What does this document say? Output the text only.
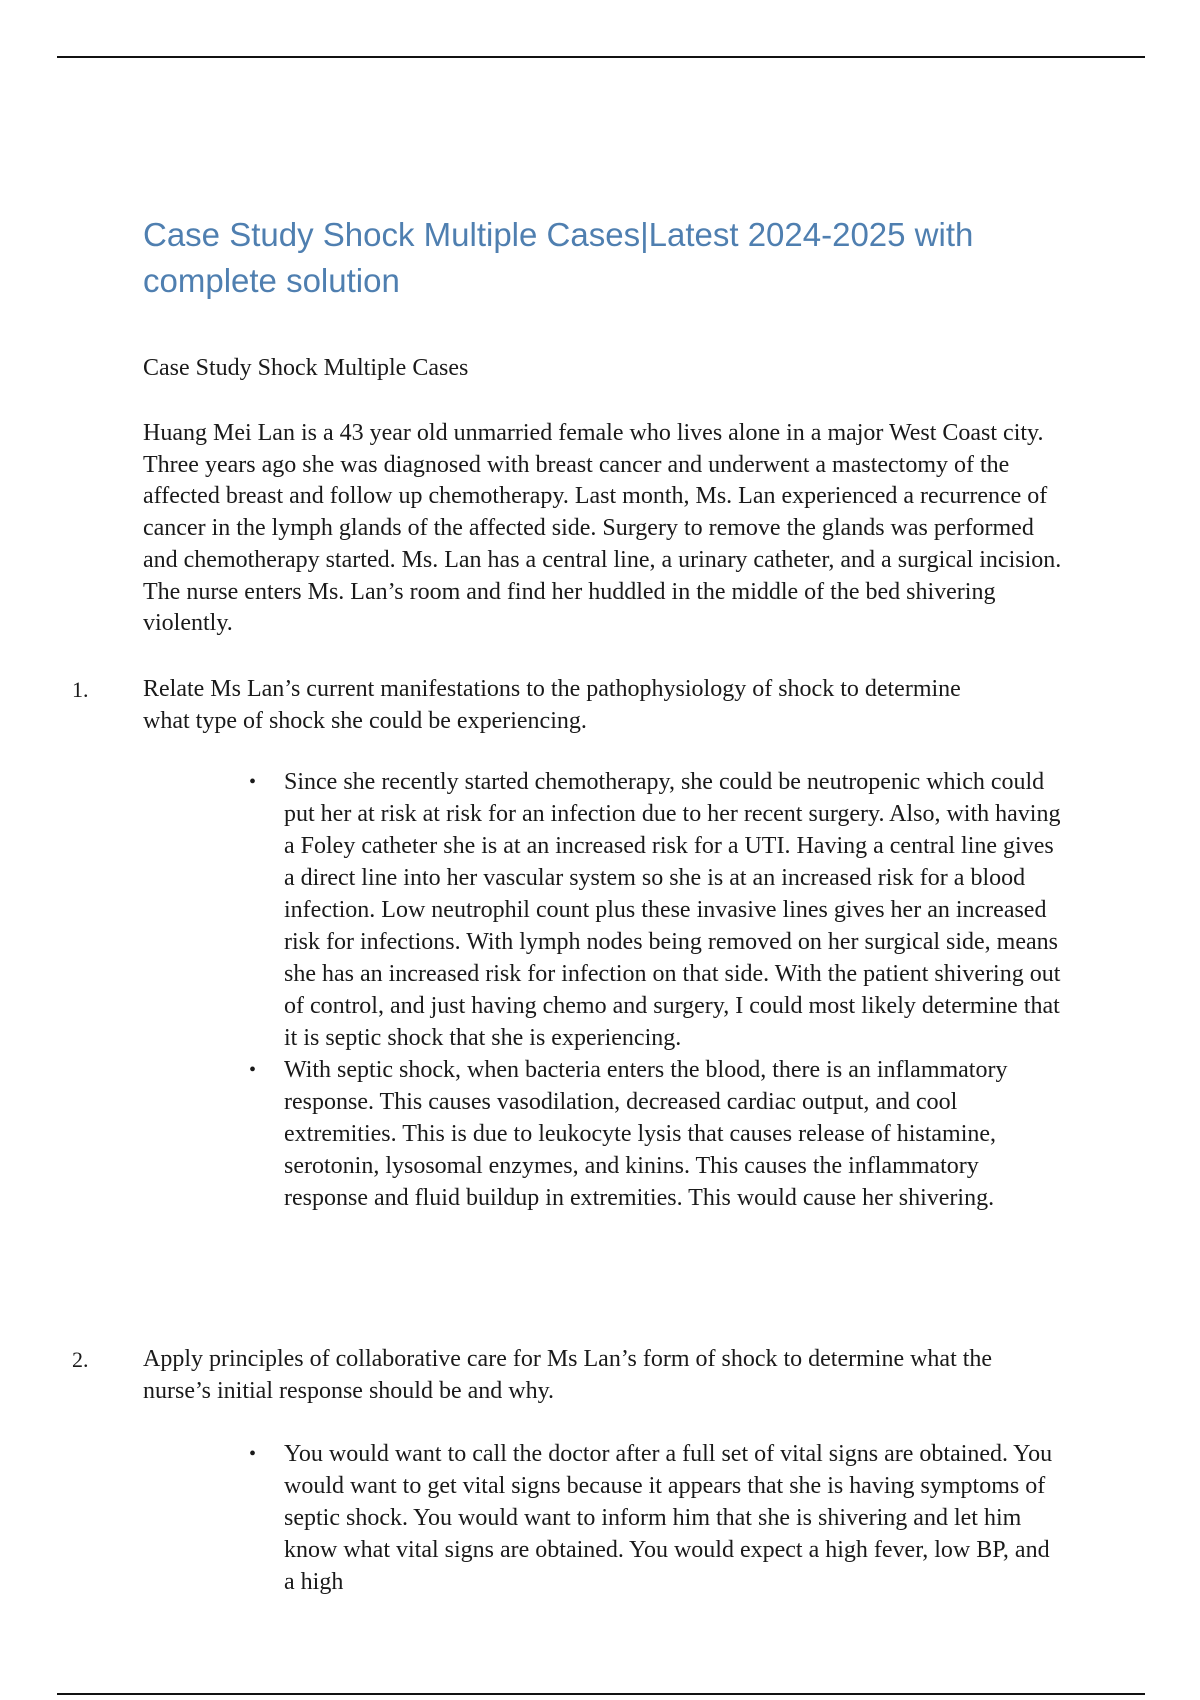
Case Study Shock Multiple Cases|Latest 2024-2025 with complete solution

Case Study Shock Multiple Cases

Huang Mei Lan is a 43 year old unmarried female who lives alone in a major West Coast city. Three years ago she was diagnosed with breast cancer and underwent a mastectomy of the affected breast and follow up chemotherapy. Last month, Ms. Lan experienced a recurrence of cancer in the lymph glands of the affected side. Surgery to remove the glands was performed and chemotherapy started. Ms. Lan has a central line, a urinary catheter, and a surgical incision. The nurse enters Ms. Lan’s room and find her huddled in the middle of the bed shivering violently.

1. Relate Ms Lan’s current manifestations to the pathophysiology of shock to determine what type of shock she could be experiencing.

• Since she recently started chemotherapy, she could be neutropenic which could put her at risk at risk for an infection due to her recent surgery. Also, with having a Foley catheter she is at an increased risk for a UTI. Having a central line gives a direct line into her vascular system so she is at an increased risk for a blood infection. Low neutrophil count plus these invasive lines gives her an increased risk for infections. With lymph nodes being removed on her surgical side, means she has an increased risk for infection on that side. With the patient shivering out of control, and just having chemo and surgery, I could most likely determine that it is septic shock that she is experiencing.
• With septic shock, when bacteria enters the blood, there is an inflammatory response. This causes vasodilation, decreased cardiac output, and cool extremities. This is due to leukocyte lysis that causes release of histamine, serotonin, lysosomal enzymes, and kinins. This causes the inflammatory response and fluid buildup in extremities. This would cause her shivering.
2. Apply principles of collaborative care for Ms Lan’s form of shock to determine what the nurse’s initial response should be and why.

• You would want to call the doctor after a full set of vital signs are obtained. You would want to get vital signs because it appears that she is having symptoms of septic shock. You would want to inform him that she is shivering and let him know what vital signs are obtained. You would expect a high fever, low BP, and a high
